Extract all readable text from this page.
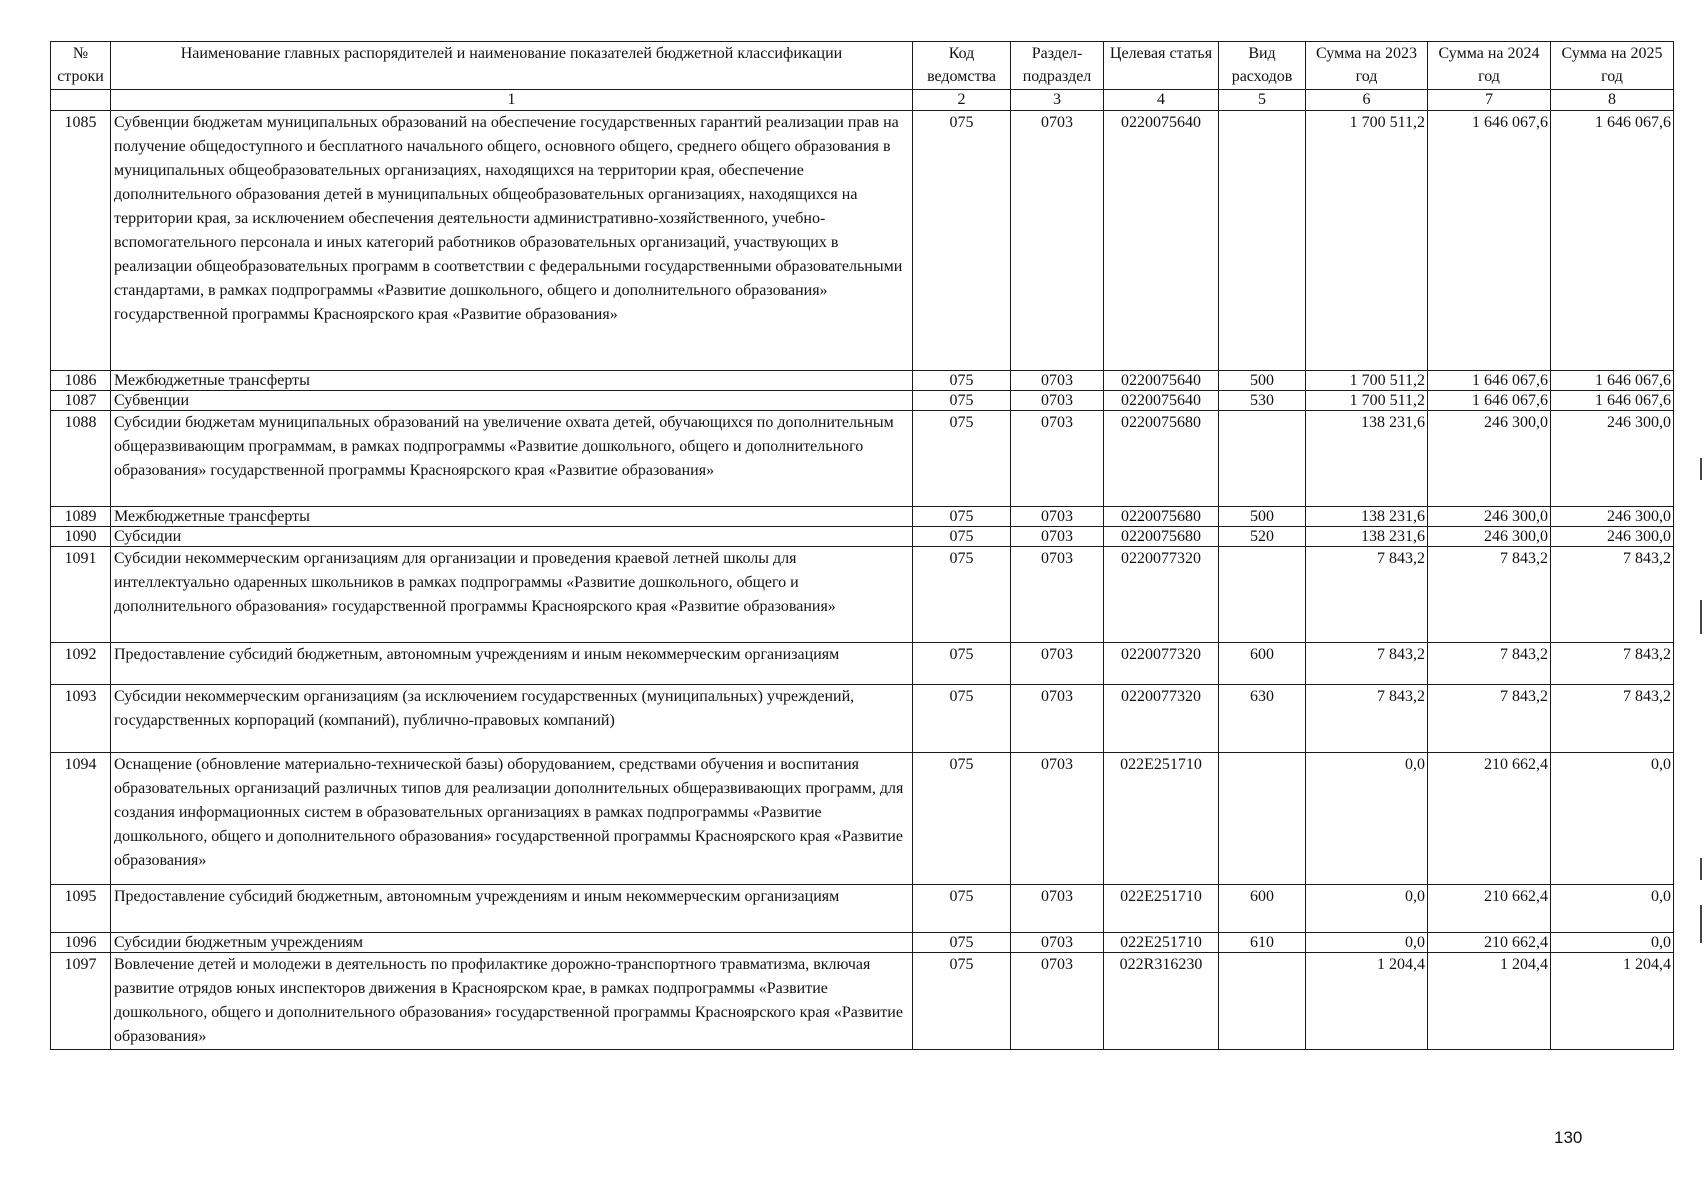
№ строки	Наименование главных распорядителей и наименование показателей бюджетной классификации	Код ведомства	Раздел-подраздел	Целевая статья	Вид расходов	Сумма на 2023 год	Сумма на 2024 год	Сумма на 2025 год
	1	2	3	4	5	6	7	8
1085	Субвенции бюджетам муниципальных образований на обеспечение государственных гарантий реализации прав на получение общедоступного и бесплатного начального общего, основного общего, среднего общего образования в муниципальных общеобразовательных организациях, находящихся на территории края, обеспечение дополнительного образования детей в муниципальных общеобразовательных организациях, находящихся на территории края, за исключением обеспечения деятельности административно-хозяйственного, учебно-вспомогательного персонала и иных категорий работников образовательных организаций, участвующих в реализации общеобразовательных программ в соответствии с федеральными государственными образовательными стандартами, в рамках подпрограммы «Развитие дошкольного, общего и дополнительного образования» государственной программы Красноярского края «Развитие образования»	075	0703	0220075640		1 700 511,2	1 646 067,6	1 646 067,6
1086	Межбюджетные трансферты	075	0703	0220075640	500	1 700 511,2	1 646 067,6	1 646 067,6
1087	Субвенции	075	0703	0220075640	530	1 700 511,2	1 646 067,6	1 646 067,6
1088	Субсидии бюджетам муниципальных образований на увеличение охвата детей, обучающихся по дополнительным общеразвивающим программам, в рамках подпрограммы «Развитие дошкольного, общего и дополнительного образования» государственной программы Красноярского края «Развитие образования»	075	0703	0220075680		138 231,6	246 300,0	246 300,0
1089	Межбюджетные трансферты	075	0703	0220075680	500	138 231,6	246 300,0	246 300,0
1090	Субсидии	075	0703	0220075680	520	138 231,6	246 300,0	246 300,0
1091	Субсидии некоммерческим организациям для организации и проведения краевой летней школы для интеллектуально одаренных школьников в рамках подпрограммы «Развитие дошкольного, общего и дополнительного образования» государственной программы Красноярского края «Развитие образования»	075	0703	0220077320		7 843,2	7 843,2	7 843,2
1092	Предоставление субсидий бюджетным, автономным учреждениям и иным некоммерческим организациям	075	0703	0220077320	600	7 843,2	7 843,2	7 843,2
1093	Субсидии некоммерческим организациям (за исключением государственных (муниципальных) учреждений, государственных корпораций (компаний), публично-правовых компаний)	075	0703	0220077320	630	7 843,2	7 843,2	7 843,2
1094	Оснащение (обновление материально-технической базы) оборудованием, средствами обучения и воспитания образовательных организаций различных типов для реализации дополнительных общеразвивающих программ, для создания информационных систем в образовательных организациях в рамках подпрограммы «Развитие дошкольного, общего и дополнительного образования» государственной программы Красноярского края «Развитие образования»	075	0703	022E251710		0,0	210 662,4	0,0
1095	Предоставление субсидий бюджетным, автономным учреждениям и иным некоммерческим организациям	075	0703	022E251710	600	0,0	210 662,4	0,0
1096	Субсидии бюджетным учреждениям	075	0703	022E251710	610	0,0	210 662,4	0,0
1097	Вовлечение детей и молодежи в деятельность по профилактике дорожно-транспортного травматизма, включая развитие отрядов юных инспекторов движения в Красноярском крае, в рамках подпрограммы «Развитие дошкольного, общего и дополнительного образования» государственной программы Красноярского края «Развитие образования»	075	0703	022R316230		1 204,4	1 204,4	1 204,4
130
